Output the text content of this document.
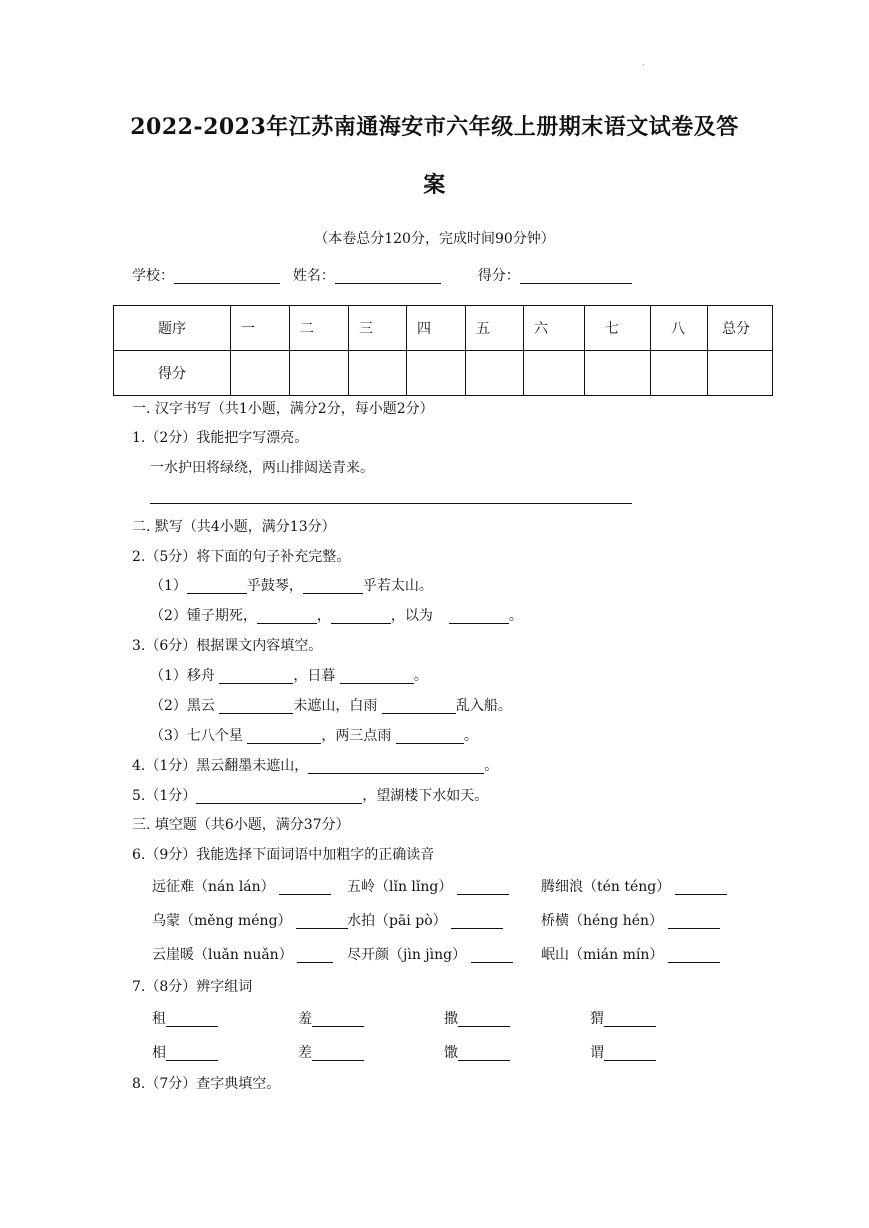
.
2022-2023年江苏南通海安市六年级上册期末语文试卷及答
案
（本卷总分120分，完成时间90分钟）
学校：	姓名：	得分：
题序	一	二	三	四	五	六	七	八	总分
得分									
一. 汉字书写（共1小题，满分2分，每小题2分）
1.（2分）我能把字写漂亮。
一水护田将绿绕，两山排闼送青来。
二. 默写（共4小题，满分13分）
2.（5分）将下面的句子补充完整。
（1）	乎鼓琴，	乎若太山。
（2）锺子期死，	，	，以为	。
3.（6分）根据课文内容填空。
（1）移舟	，日暮	。
（2）黑云	未遮山，白雨	乱入船。
（3）七八个星	，两三点雨	。
4.（1分）黑云翻墨未遮山，	。
5.（1分）	，望湖楼下水如天。
三. 填空题（共6小题，满分37分）
6.（9分）我能选择下面词语中加粗字的正确读音
远征难（nán lán）	五岭（lǐn lǐng）	腾细浪（tén téng）
乌蒙（měng méng）	水拍（pāi pò）	桥横（héng hén）
云崖暖（luǎn nuǎn）	尽开颜（jìn jìng）	岷山（mián mín）
7.（8分）辨字组词
租	羞	撒	猬
相	差	馓	谓
8.（7分）查字典填空。
